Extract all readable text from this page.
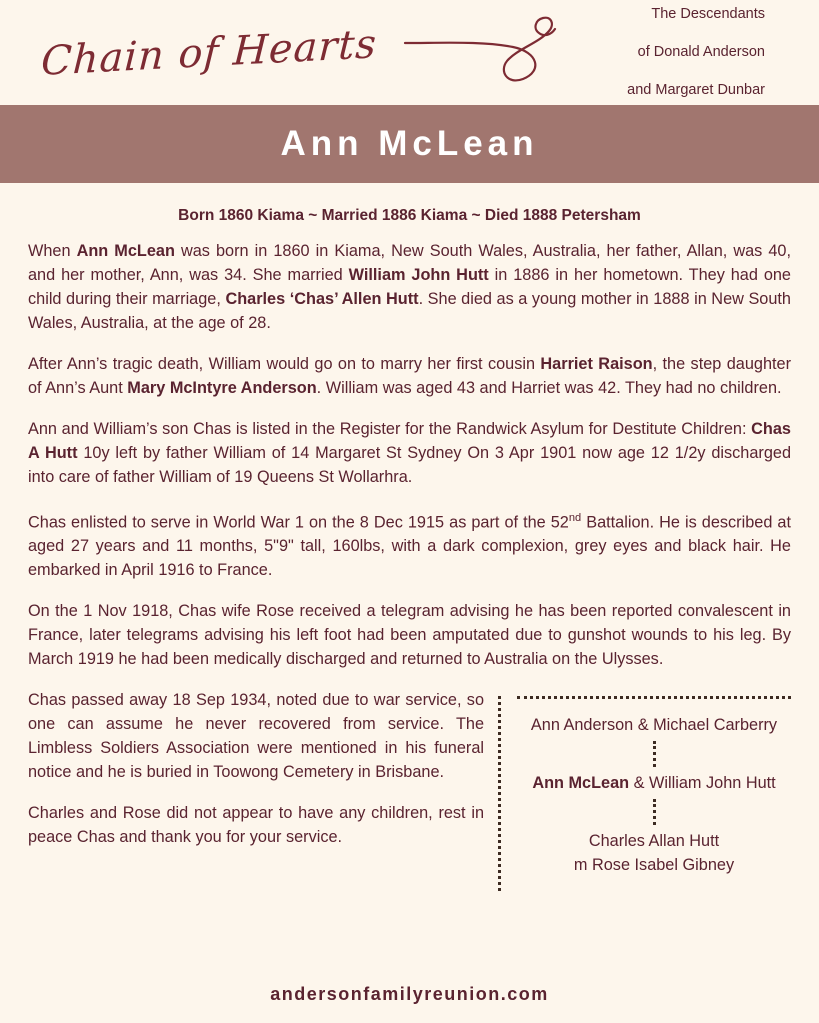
Chain of Hearts

The Descendants

of Donald Anderson

and Margaret Dunbar

Ann McLean
Born 1860 Kiama ~ Married 1886 Kiama ~ Died 1888 Petersham

When Ann McLean was born in 1860 in Kiama, New South Wales, Australia, her father, Allan, was 40, and her mother, Ann, was 34. She married William John Hutt in 1886 in her hometown. They had one child during their marriage, Charles ‘Chas’ Allen Hutt. She died as a young mother in 1888 in New South Wales, Australia, at the age of 28.

After Ann’s tragic death, William would go on to marry her first cousin Harriet Raison, the step daughter of Ann’s Aunt Mary McIntyre Anderson. William was aged 43 and Harriet was 42. They had no children.

Ann and William’s son Chas is listed in the Register for the Randwick Asylum for Destitute Children: Chas A Hutt 10y left by father William of 14 Margaret St Sydney On 3 Apr 1901 now age 12 1/2y discharged into care of father William of 19 Queens St Wollarhra.

Chas enlisted to serve in World War 1 on the 8 Dec 1915 as part of the 52nd Battalion. He is described at aged 27 years and 11 months, 5"9" tall, 160lbs, with a dark complexion, grey eyes and black hair. He embarked in April 1916 to France.

On the 1 Nov 1918, Chas wife Rose received a telegram advising he has been reported convalescent in France, later telegrams advising his left foot had been amputated due to gunshot wounds to his leg. By March 1919 he had been medically discharged and returned to Australia on the Ulysses.

Chas passed away 18 Sep 1934, noted due to war service, so one can assume he never recovered from service. The Limbless Soldiers Association were mentioned in his funeral notice and he is buried in Toowong Cemetery in Brisbane.

Charles and Rose did not appear to have any children, rest in peace Chas and thank you for your service.

Ann Anderson & Michael Carberry
Ann McLean & William John Hutt
Charles Allan Hutt
m Rose Isabel Gibney
andersonfamilyreunion.com
